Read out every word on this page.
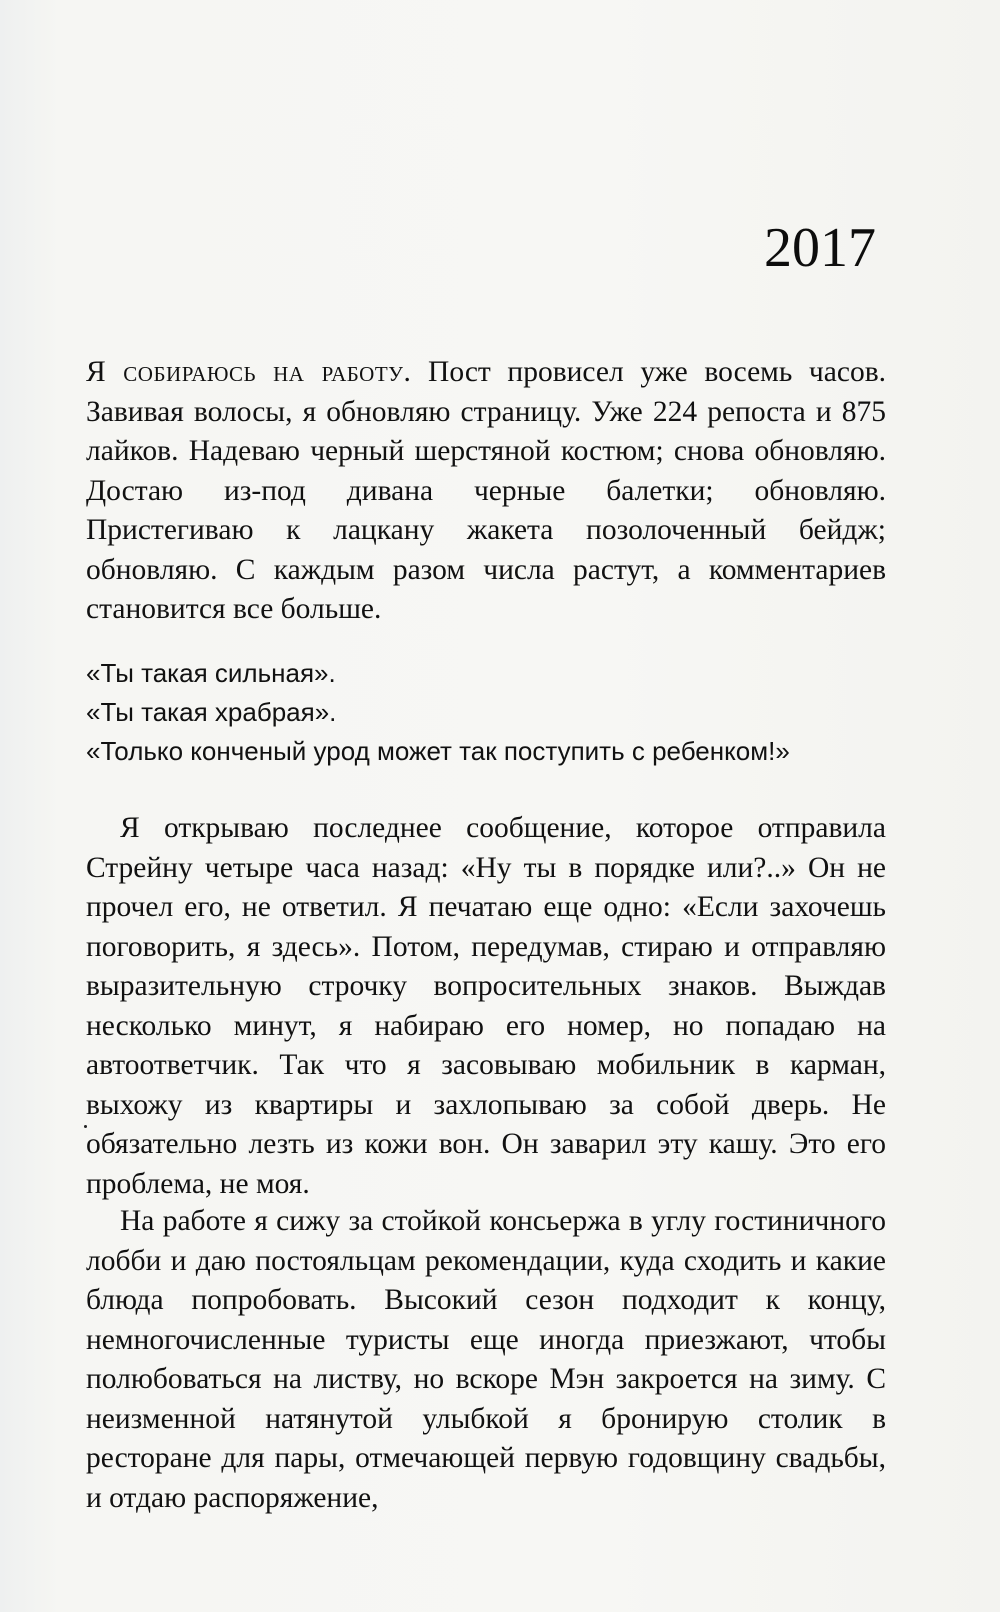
2017

Я собираюсь на работу. Пост провисел уже восемь часов. Завивая волосы, я обновляю страницу. Уже 224 репоста и 875 лайков. Надеваю черный шерстяной костюм; снова обновляю. Достаю из-под дивана черные балетки; обновляю. Пристегиваю к лацкану жакета позолоченный бейдж; обновляю. С каждым разом числа растут, а комментариев становится все больше.

«Ты такая сильная».

«Ты такая храбрая».

«Только конченый урод может так поступить с ребенком!»

Я открываю последнее сообщение, которое отправила Стрейну четыре часа назад: «Ну ты в порядке или?..» Он не прочел его, не ответил. Я печатаю еще одно: «Если захочешь поговорить, я здесь». Потом, передумав, стираю и отправляю выразительную строчку вопросительных знаков. Выждав несколько минут, я набираю его номер, но попадаю на автоответчик. Так что я засовываю мобильник в карман, выхожу из квартиры и захлопываю за собой дверь. Не обязательно лезть из кожи вон. Он заварил эту кашу. Это его проблема, не моя.

На работе я сижу за стойкой консьержа в углу гостиничного лобби и даю постояльцам рекомендации, куда сходить и какие блюда попробовать. Высокий сезон подходит к концу, немногочисленные туристы еще иногда приезжают, чтобы полюбоваться на листву, но вскоре Мэн закроется на зиму. С неизменной натянутой улыбкой я бронирую столик в ресторане для пары, отмечающей первую годовщину свадьбы, и отдаю распоряжение,
